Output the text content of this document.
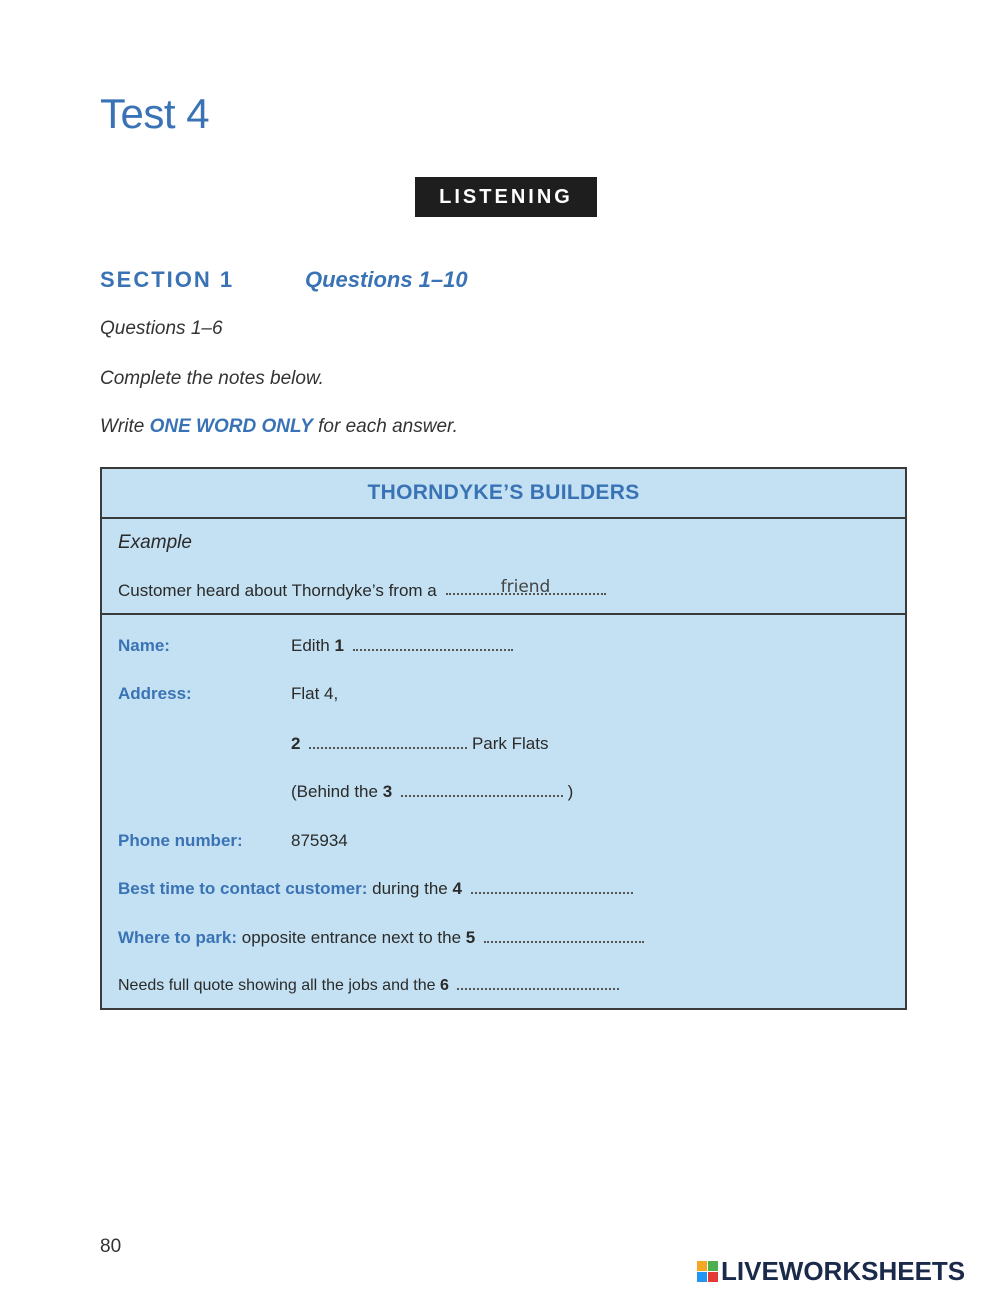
Test 4
LISTENING
SECTION 1	Questions 1–10
Questions 1–6
Complete the notes below.
Write ONE WORD ONLY for each answer.
THORNDYKE’S BUILDERS
Example
Customer heard about Thorndyke’s from a	friend
Name:	Edith 1
Address:	Flat 4,
2	Park Flats
(Behind the 3	)
Phone number:	875934
Best time to contact customer: during the 4
Where to park: opposite entrance next to the 5
Needs full quote showing all the jobs and the 6
80
LIVEWORKSHEETS
